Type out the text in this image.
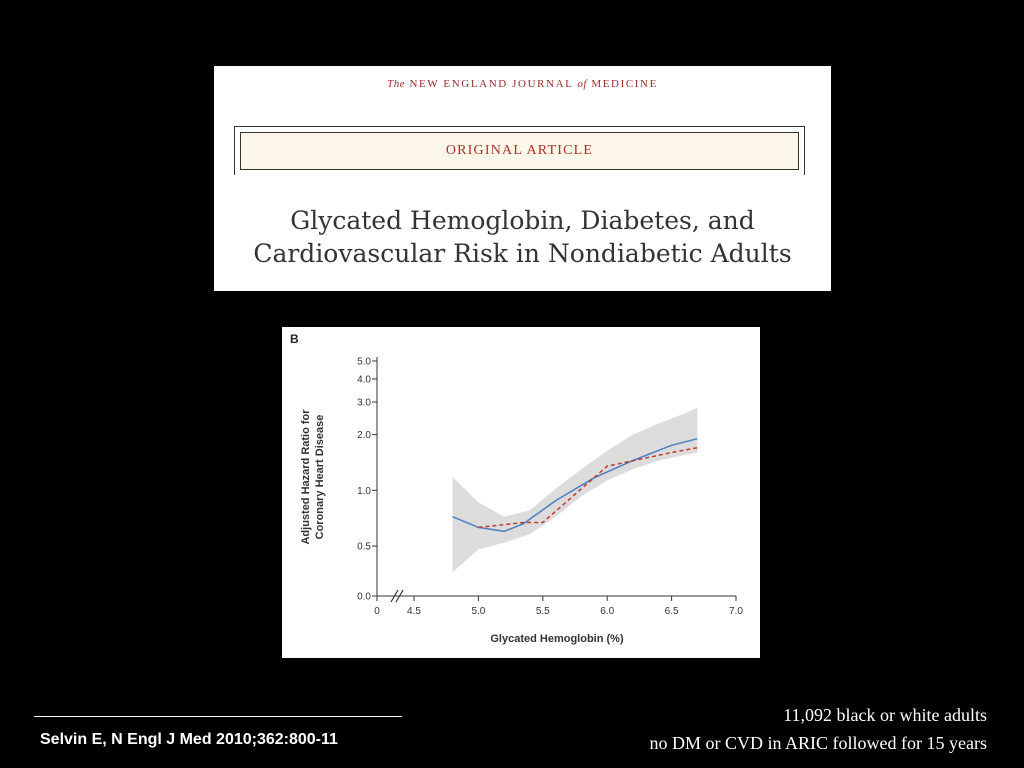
The NEW ENGLAND JOURNAL of MEDICINE
ORIGINAL ARTICLE
Glycated Hemoglobin, Diabetes, and
Cardiovascular Risk in Nondiabetic Adults
B
0.0
0.5
1.0
2.0
3.0
4.0
5.0
0	4.5	5.0	5.5	6.0	6.5	7.0
Glycated Hemoglobin (%)
Adjusted Hazard Ratio for Coronary Heart Disease
Selvin E, N Engl J Med 2010;362:800-11
11,092 black or white adults
no DM or CVD in ARIC followed for 15 years
